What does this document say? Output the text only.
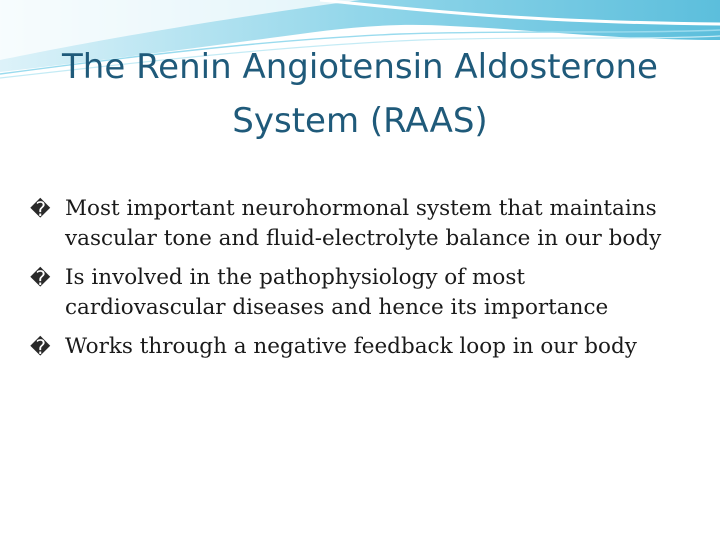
The Renin Angiotensin Aldosterone
System (RAAS)
� Most important neurohormonal system that maintains vascular tone and fluid-electrolyte balance in our body
� Is involved in the pathophysiology of most cardiovascular diseases and hence its importance
� Works through a negative feedback loop in our body
